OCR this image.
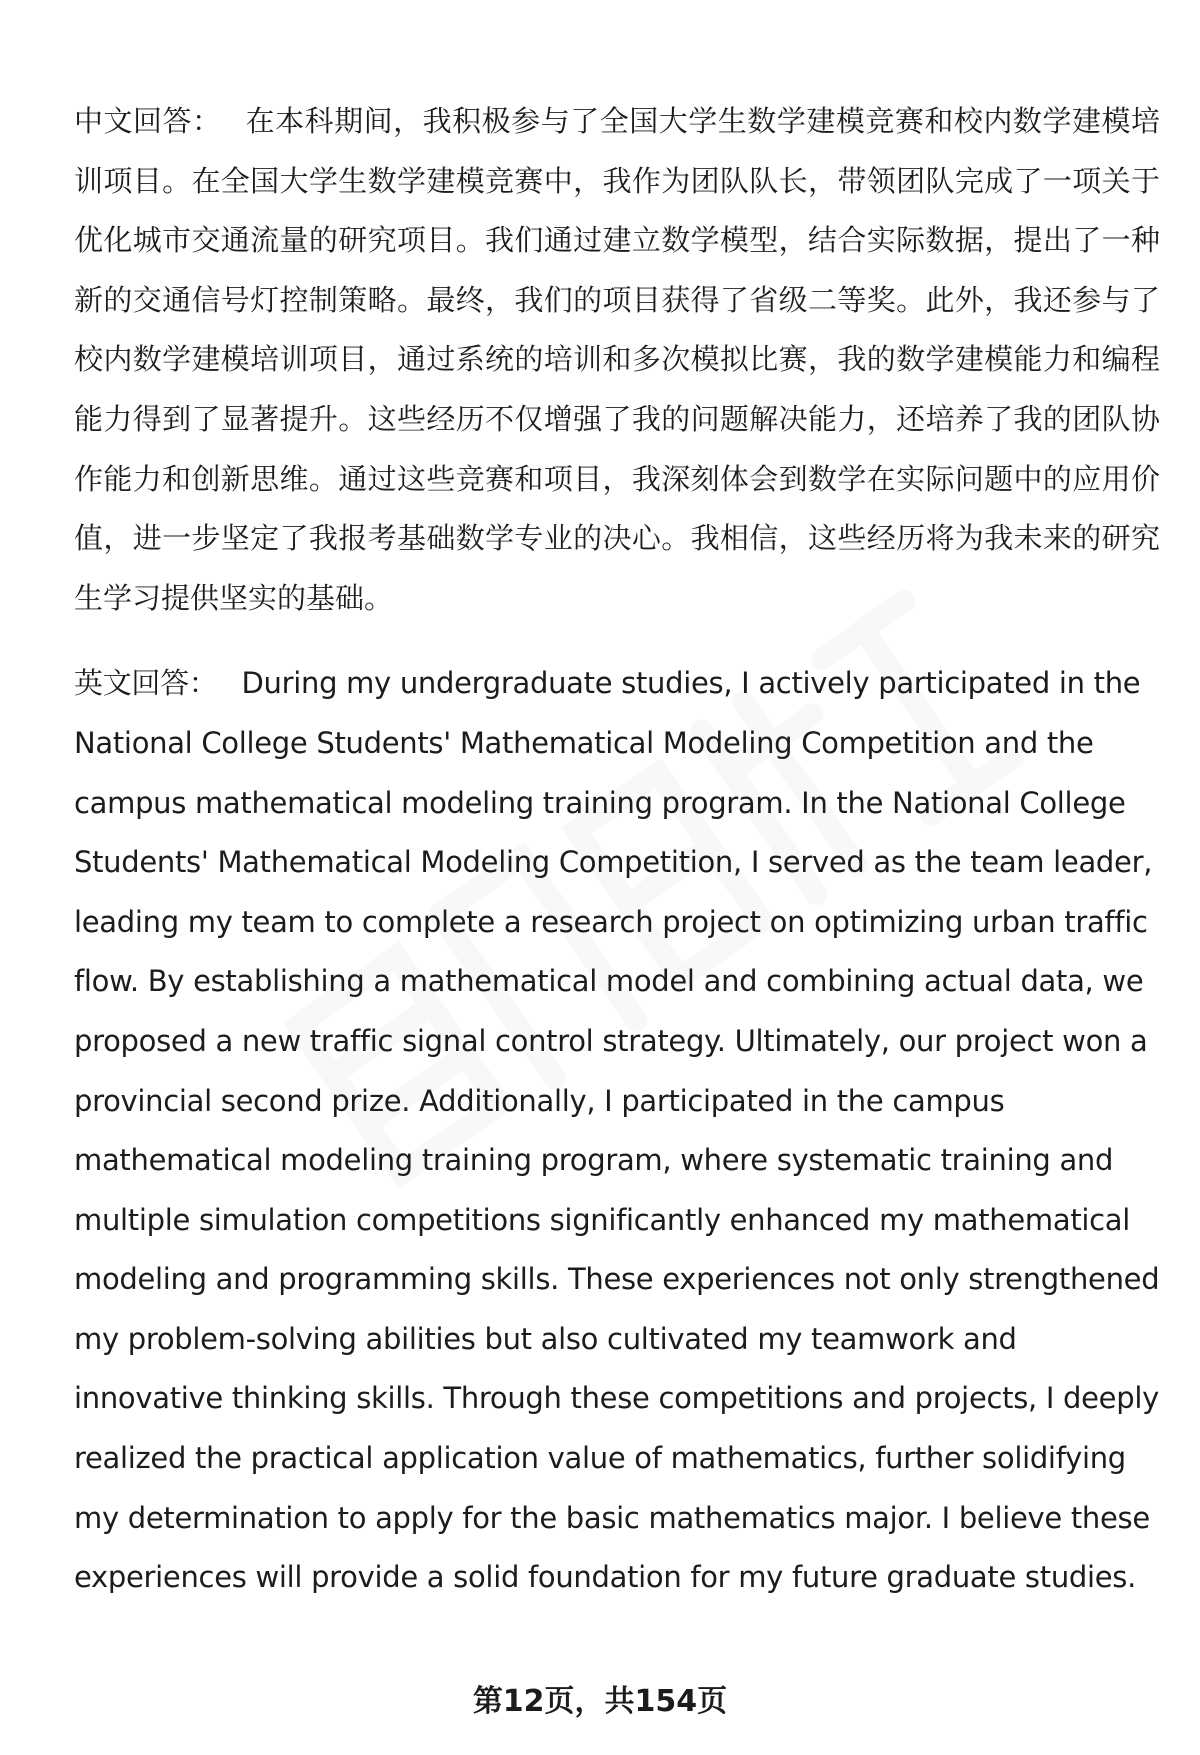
中文回答： 在本科期间，我积极参与了全国大学生数学建模竞赛和校内数学建模培训项目。在全国大学生数学建模竞赛中，我作为团队队长，带领团队完成了一项关于优化城市交通流量的研究项目。我们通过建立数学模型，结合实际数据，提出了一种新的交通信号灯控制策略。最终，我们的项目获得了省级二等奖。此外，我还参与了校内数学建模培训项目，通过系统的培训和多次模拟比赛，我的数学建模能力和编程能力得到了显著提升。这些经历不仅增强了我的问题解决能力，还培养了我的团队协作能力和创新思维。通过这些竞赛和项目，我深刻体会到数学在实际问题中的应用价值，进一步坚定了我报考基础数学专业的决心。我相信，这些经历将为我未来的研究生学习提供坚实的基础。

英文回答： During my undergraduate studies, I actively participated in the National College Students' Mathematical Modeling Competition and the campus mathematical modeling training program. In the National College Students' Mathematical Modeling Competition, I served as the team leader, leading my team to complete a research project on optimizing urban traffic flow. By establishing a mathematical model and combining actual data, we proposed a new traffic signal control strategy. Ultimately, our project won a provincial second prize. Additionally, I participated in the campus mathematical modeling training program, where systematic training and multiple simulation competitions significantly enhanced my mathematical modeling and programming skills. These experiences not only strengthened my problem-solving abilities but also cultivated my teamwork and innovative thinking skills. Through these competitions and projects, I deeply realized the practical application value of mathematics, further solidifying my determination to apply for the basic mathematics major. I believe these experiences will provide a solid foundation for my future graduate studies.

第12页，共154页
